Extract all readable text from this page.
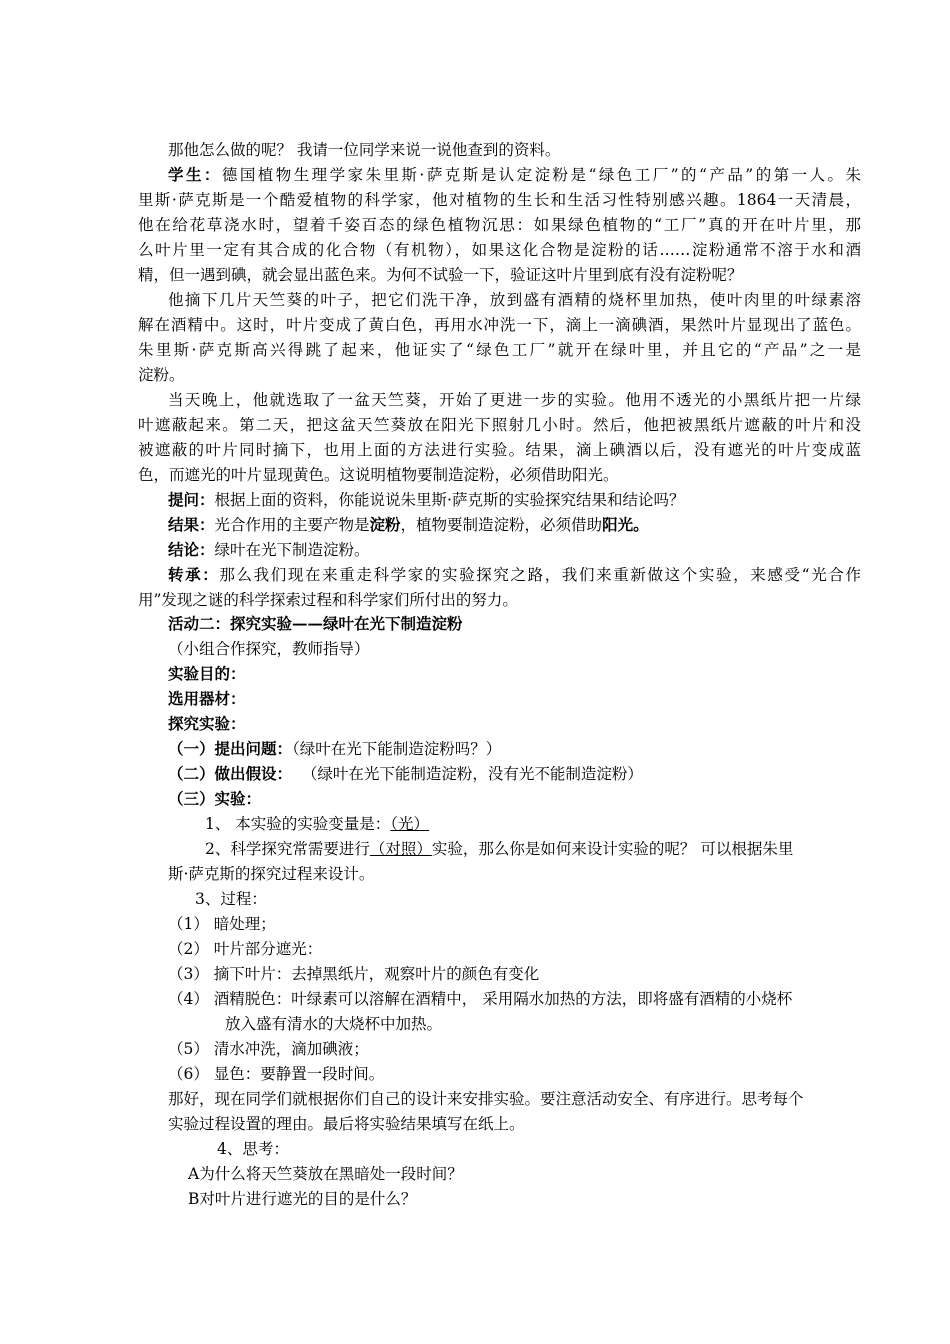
那他怎么做的呢？ 我请一位同学来说一说他查到的资料。
学生：德国植物生理学家朱里斯·萨克斯是认定淀粉是“绿色工厂”的“产品”的第一人。朱
里斯·萨克斯是一个酷爱植物的科学家，他对植物的生长和生活习性特别感兴趣。1864一天清晨，
他在给花草浇水时，望着千姿百态的绿色植物沉思：如果绿色植物的“工厂”真的开在叶片里，那
么叶片里一定有其合成的化合物（有机物），如果这化合物是淀粉的话……淀粉通常不溶于水和酒
精，但一遇到碘，就会显出蓝色来。为何不试验一下，验证这叶片里到底有没有淀粉呢？
他摘下几片天竺葵的叶子，把它们洗干净，放到盛有酒精的烧杯里加热，使叶肉里的叶绿素溶
解在酒精中。这时，叶片变成了黄白色，再用水冲洗一下，滴上一滴碘酒，果然叶片显现出了蓝色。
朱里斯·萨克斯高兴得跳了起来，他证实了“绿色工厂”就开在绿叶里，并且它的“产品”之一是
淀粉。
当天晚上，他就选取了一盆天竺葵，开始了更进一步的实验。他用不透光的小黑纸片把一片绿
叶遮蔽起来。第二天，把这盆天竺葵放在阳光下照射几小时。然后，他把被黑纸片遮蔽的叶片和没
被遮蔽的叶片同时摘下，也用上面的方法进行实验。结果，滴上碘酒以后，没有遮光的叶片变成蓝
色，而遮光的叶片显现黄色。这说明植物要制造淀粉，必须借助阳光。
提问：根据上面的资料，你能说说朱里斯·萨克斯的实验探究结果和结论吗？
结果：光合作用的主要产物是淀粉，植物要制造淀粉，必须借助阳光。
结论：绿叶在光下制造淀粉。
转承：那么我们现在来重走科学家的实验探究之路，我们来重新做这个实验，来感受“光合作
用”发现之谜的科学探索过程和科学家们所付出的努力。
活动二：探究实验——绿叶在光下制造淀粉
（小组合作探究，教师指导）
实验目的：
选用器材：
探究实验：
（一）提出问题：（绿叶在光下能制造淀粉吗？）
（二）做出假设： （绿叶在光下能制造淀粉，没有光不能制造淀粉）
（三）实验：
1、 本实验的实验变量是：（光）
2、科学探究常需要进行（对照）实验，那么你是如何来设计实验的呢？ 可以根据朱里
斯·萨克斯的探究过程来设计。
3、过程：
（1） 暗处理；
（2） 叶片部分遮光：
（3） 摘下叶片：去掉黑纸片，观察叶片的颜色有变化
（4） 酒精脱色：叶绿素可以溶解在酒精中， 采用隔水加热的方法，即将盛有酒精的小烧杯
放入盛有清水的大烧杯中加热。
（5） 清水冲洗，滴加碘液；
（6） 显色：要静置一段时间。
那好，现在同学们就根据你们自己的设计来安排实验。要注意活动安全、有序进行。思考每个
实验过程设置的理由。最后将实验结果填写在纸上。
4、思考：
A为什么将天竺葵放在黑暗处一段时间？
B对叶片进行遮光的目的是什么？
